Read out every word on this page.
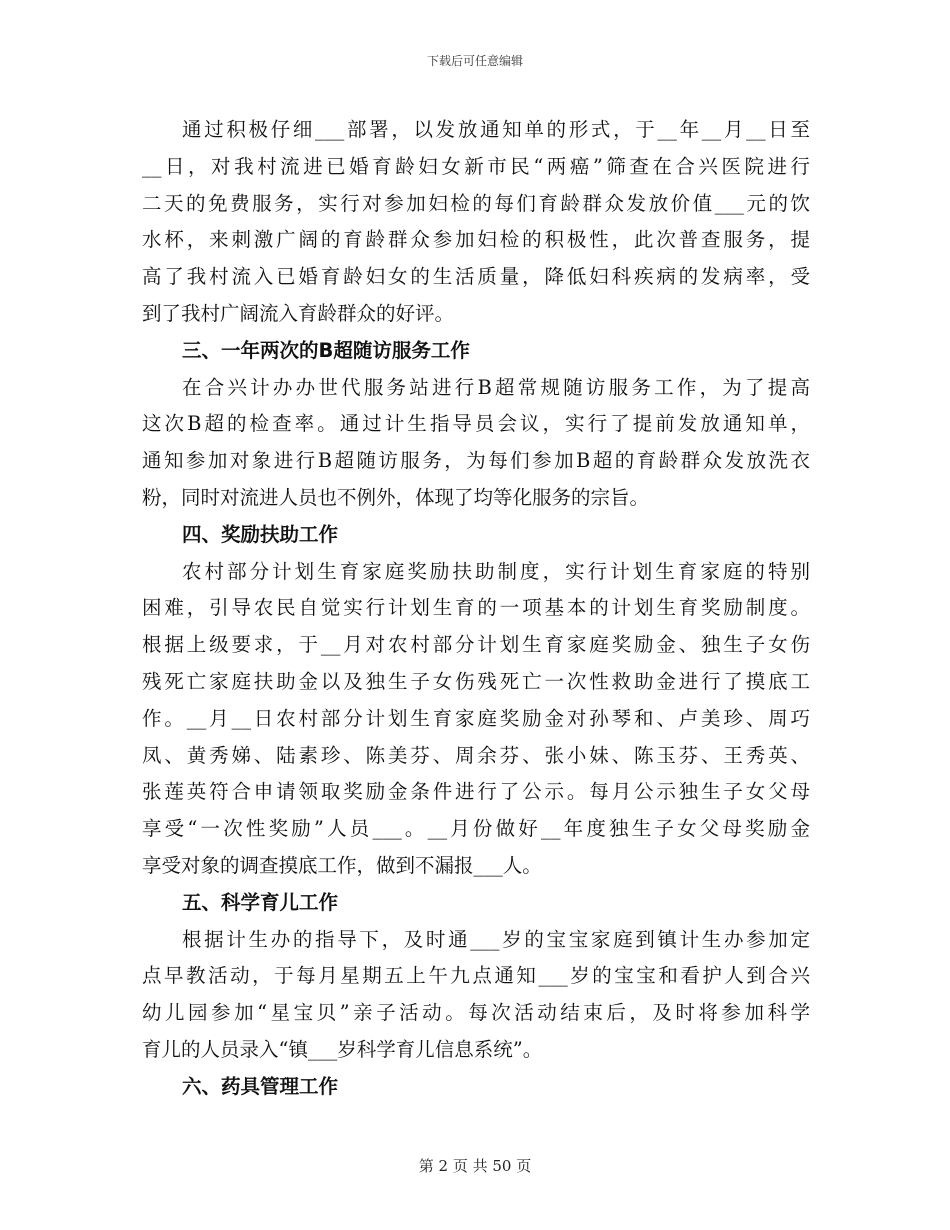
下载后可任意编辑
通过积极仔细___部署，以发放通知单的形式，于__年__月__日至
__日，对我村流进已婚育龄妇女新市民“两癌”筛查在合兴医院进行
二天的免费服务，实行对参加妇检的每们育龄群众发放价值___元的饮
水杯，来刺激广阔的育龄群众参加妇检的积极性，此次普查服务，提
高了我村流入已婚育龄妇女的生活质量，降低妇科疾病的发病率，受
到了我村广阔流入育龄群众的好评。
三、一年两次的B超随访服务工作
在合兴计办办世代服务站进行B超常规随访服务工作，为了提高
这次B超的检查率。通过计生指导员会议，实行了提前发放通知单，
通知参加对象进行B超随访服务，为每们参加B超的育龄群众发放洗衣
粉，同时对流进人员也不例外，体现了均等化服务的宗旨。
四、奖励扶助工作
农村部分计划生育家庭奖励扶助制度，实行计划生育家庭的特别
困难，引导农民自觉实行计划生育的一项基本的计划生育奖励制度。
根据上级要求，于__月对农村部分计划生育家庭奖励金、独生子女伤
残死亡家庭扶助金以及独生子女伤残死亡一次性救助金进行了摸底工
作。__月__日农村部分计划生育家庭奖励金对孙琴和、卢美珍、周巧
凤、黄秀娣、陆素珍、陈美芬、周余芬、张小妹、陈玉芬、王秀英、
张莲英符合申请领取奖励金条件进行了公示。每月公示独生子女父母
享受“一次性奖励”人员___。__月份做好__年度独生子女父母奖励金
享受对象的调查摸底工作，做到不漏报___人。
五、科学育儿工作
根据计生办的指导下，及时通___岁的宝宝家庭到镇计生办参加定
点早教活动，于每月星期五上午九点通知___岁的宝宝和看护人到合兴
幼儿园参加“星宝贝”亲子活动。每次活动结束后，及时将参加科学
育儿的人员录入“镇___岁科学育儿信息系统”。
六、药具管理工作
第 2 页 共 50 页
